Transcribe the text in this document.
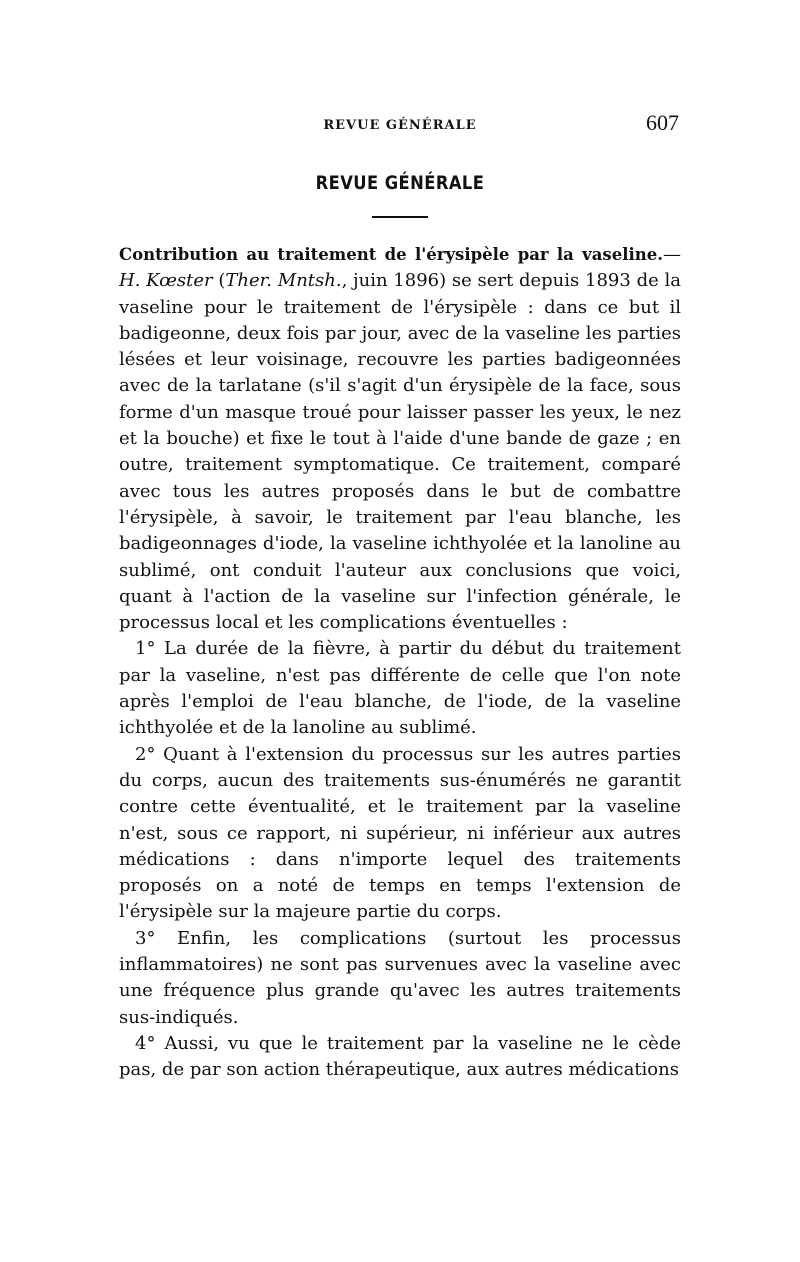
REVUE GÉNÉRALE	607
REVUE GÉNÉRALE

Contribution au traitement de l'érysipèle par la vaseline.— H. Kœster (Ther. Mntsh., juin 1896) se sert depuis 1893 de la vaseline pour le traitement de l'érysipèle : dans ce but il badigeonne, deux fois par jour, avec de la vaseline les parties lésées et leur voisinage, recouvre les parties badigeonnées avec de la tarlatane (s'il s'agit d'un érysipèle de la face, sous forme d'un masque troué pour laisser passer les yeux, le nez et la bouche) et fixe le tout à l'aide d'une bande de gaze ; en outre, traitement symptomatique. Ce traitement, comparé avec tous les autres proposés dans le but de combattre l'érysipèle, à savoir, le traitement par l'eau blanche, les badigeonnages d'iode, la vaseline ichthyolée et la lanoline au sublimé, ont conduit l'auteur aux conclusions que voici, quant à l'action de la vaseline sur l'infection générale, le processus local et les complications éventuelles :

1° La durée de la fièvre, à partir du début du traitement par la vaseline, n'est pas différente de celle que l'on note après l'emploi de l'eau blanche, de l'iode, de la vaseline ichthyolée et de la lanoline au sublimé.

2° Quant à l'extension du processus sur les autres parties du corps, aucun des traitements sus-énumérés ne garantit contre cette éventualité, et le traitement par la vaseline n'est, sous ce rapport, ni supérieur, ni inférieur aux autres médications : dans n'importe lequel des traitements proposés on a noté de temps en temps l'extension de l'érysipèle sur la majeure partie du corps.

3° Enfin, les complications (surtout les processus inflammatoires) ne sont pas survenues avec la vaseline avec une fréquence plus grande qu'avec les autres traitements sus-indiqués.

4° Aussi, vu que le traitement par la vaseline ne le cède pas, de par son action thérapeutique, aux autres médications
